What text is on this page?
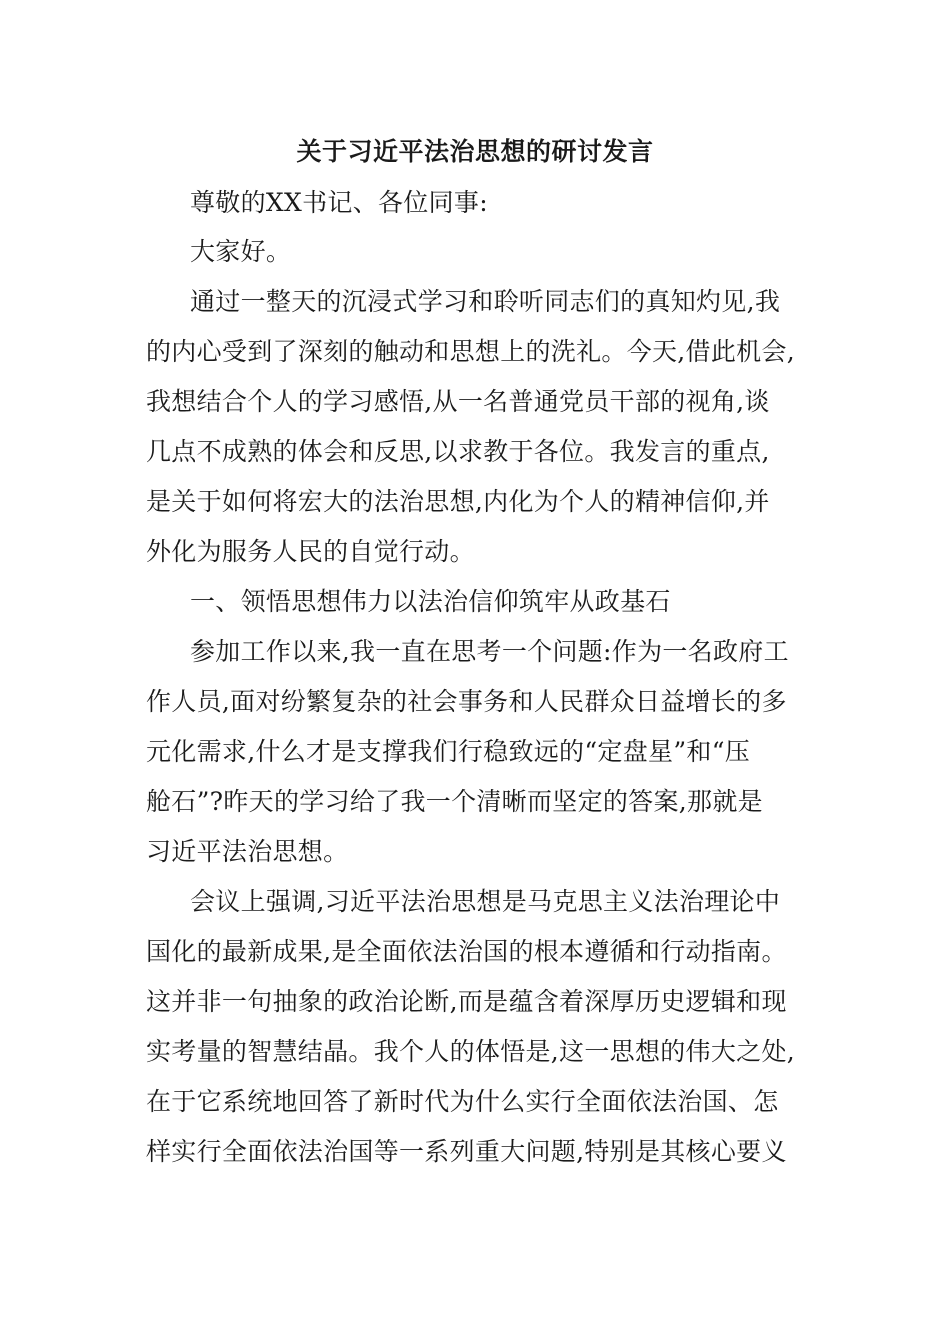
关于习近平法治思想的研讨发言

尊敬的XX书记、各位同事:

大家好。

通过一整天的沉浸式学习和聆听同志们的真知灼见,我

的内心受到了深刻的触动和思想上的洗礼。今天,借此机会,

我想结合个人的学习感悟,从一名普通党员干部的视角,谈

几点不成熟的体会和反思,以求教于各位。我发言的重点,

是关于如何将宏大的法治思想,内化为个人的精神信仰,并

外化为服务人民的自觉行动。

一、领悟思想伟力以法治信仰筑牢从政基石

参加工作以来,我一直在思考一个问题:作为一名政府工

作人员,面对纷繁复杂的社会事务和人民群众日益增长的多

元化需求,什么才是支撑我们行稳致远的“定盘星”和“压

舱石”?昨天的学习给了我一个清晰而坚定的答案,那就是

习近平法治思想。

会议上强调,习近平法治思想是马克思主义法治理论中

国化的最新成果,是全面依法治国的根本遵循和行动指南。

这并非一句抽象的政治论断,而是蕴含着深厚历史逻辑和现

实考量的智慧结晶。我个人的体悟是,这一思想的伟大之处,

在于它系统地回答了新时代为什么实行全面依法治国、怎

样实行全面依法治国等一系列重大问题,特别是其核心要义
